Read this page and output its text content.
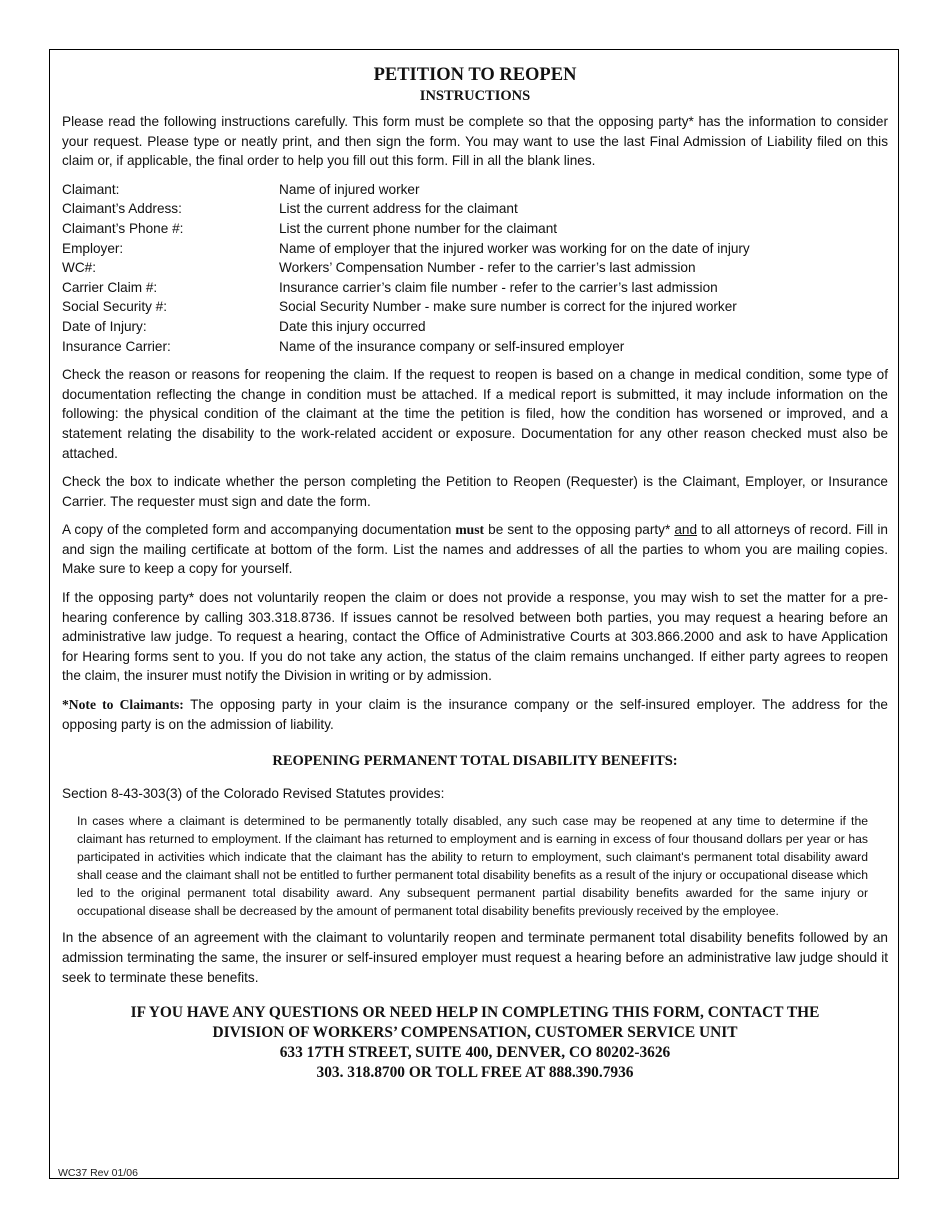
PETITION TO REOPEN
INSTRUCTIONS

Please read the following instructions carefully. This form must be complete so that the opposing party* has the information to consider your request. Please type or neatly print, and then sign the form. You may want to use the last Final Admission of Liability filed on this claim or, if applicable, the final order to help you fill out this form. Fill in all the blank lines.

Claimant:	Name of injured worker
Claimant’s Address:	List the current address for the claimant
Claimant’s Phone #:	List the current phone number for the claimant
Employer:	Name of employer that the injured worker was working for on the date of injury
WC#:	Workers’ Compensation Number - refer to the carrier’s last admission
Carrier Claim #:	Insurance carrier’s claim file number - refer to the carrier’s last admission
Social Security #:	Social Security Number - make sure number is correct for the injured worker
Date of Injury:	Date this injury occurred
Insurance Carrier:	Name of the insurance company or self-insured employer

Check the reason or reasons for reopening the claim. If the request to reopen is based on a change in medical condition, some type of documentation reflecting the change in condition must be attached. If a medical report is submitted, it may include information on the following: the physical condition of the claimant at the time the petition is filed, how the condition has worsened or improved, and a statement relating the disability to the work-related accident or exposure. Documentation for any other reason checked must also be attached.

Check the box to indicate whether the person completing the Petition to Reopen (Requester) is the Claimant, Employer, or Insurance Carrier. The requester must sign and date the form.

A copy of the completed form and accompanying documentation must be sent to the opposing party* and to all attorneys of record. Fill in and sign the mailing certificate at bottom of the form. List the names and addresses of all the parties to whom you are mailing copies. Make sure to keep a copy for yourself.

If the opposing party* does not voluntarily reopen the claim or does not provide a response, you may wish to set the matter for a pre-hearing conference by calling 303.318.8736. If issues cannot be resolved between both parties, you may request a hearing before an administrative law judge. To request a hearing, contact the Office of Administrative Courts at 303.866.2000 and ask to have Application for Hearing forms sent to you. If you do not take any action, the status of the claim remains unchanged. If either party agrees to reopen the claim, the insurer must notify the Division in writing or by admission.

*Note to Claimants: The opposing party in your claim is the insurance company or the self-insured employer. The address for the opposing party is on the admission of liability.

REOPENING PERMANENT TOTAL DISABILITY BENEFITS:

Section 8-43-303(3) of the Colorado Revised Statutes provides:

In cases where a claimant is determined to be permanently totally disabled, any such case may be reopened at any time to determine if the claimant has returned to employment. If the claimant has returned to employment and is earning in excess of four thousand dollars per year or has participated in activities which indicate that the claimant has the ability to return to employment, such claimant's permanent total disability award shall cease and the claimant shall not be entitled to further permanent total disability benefits as a result of the injury or occupational disease which led to the original permanent total disability award. Any subsequent permanent partial disability benefits awarded for the same injury or occupational disease shall be decreased by the amount of permanent total disability benefits previously received by the employee.

In the absence of an agreement with the claimant to voluntarily reopen and terminate permanent total disability benefits followed by an admission terminating the same, the insurer or self-insured employer must request a hearing before an administrative law judge should it seek to terminate these benefits.

IF YOU HAVE ANY QUESTIONS OR NEED HELP IN COMPLETING THIS FORM, CONTACT THE
DIVISION OF WORKERS’ COMPENSATION, CUSTOMER SERVICE UNIT
633 17TH STREET, SUITE 400, DENVER, CO 80202-3626
303. 318.8700 OR TOLL FREE AT 888.390.7936
WC37 Rev 01/06
